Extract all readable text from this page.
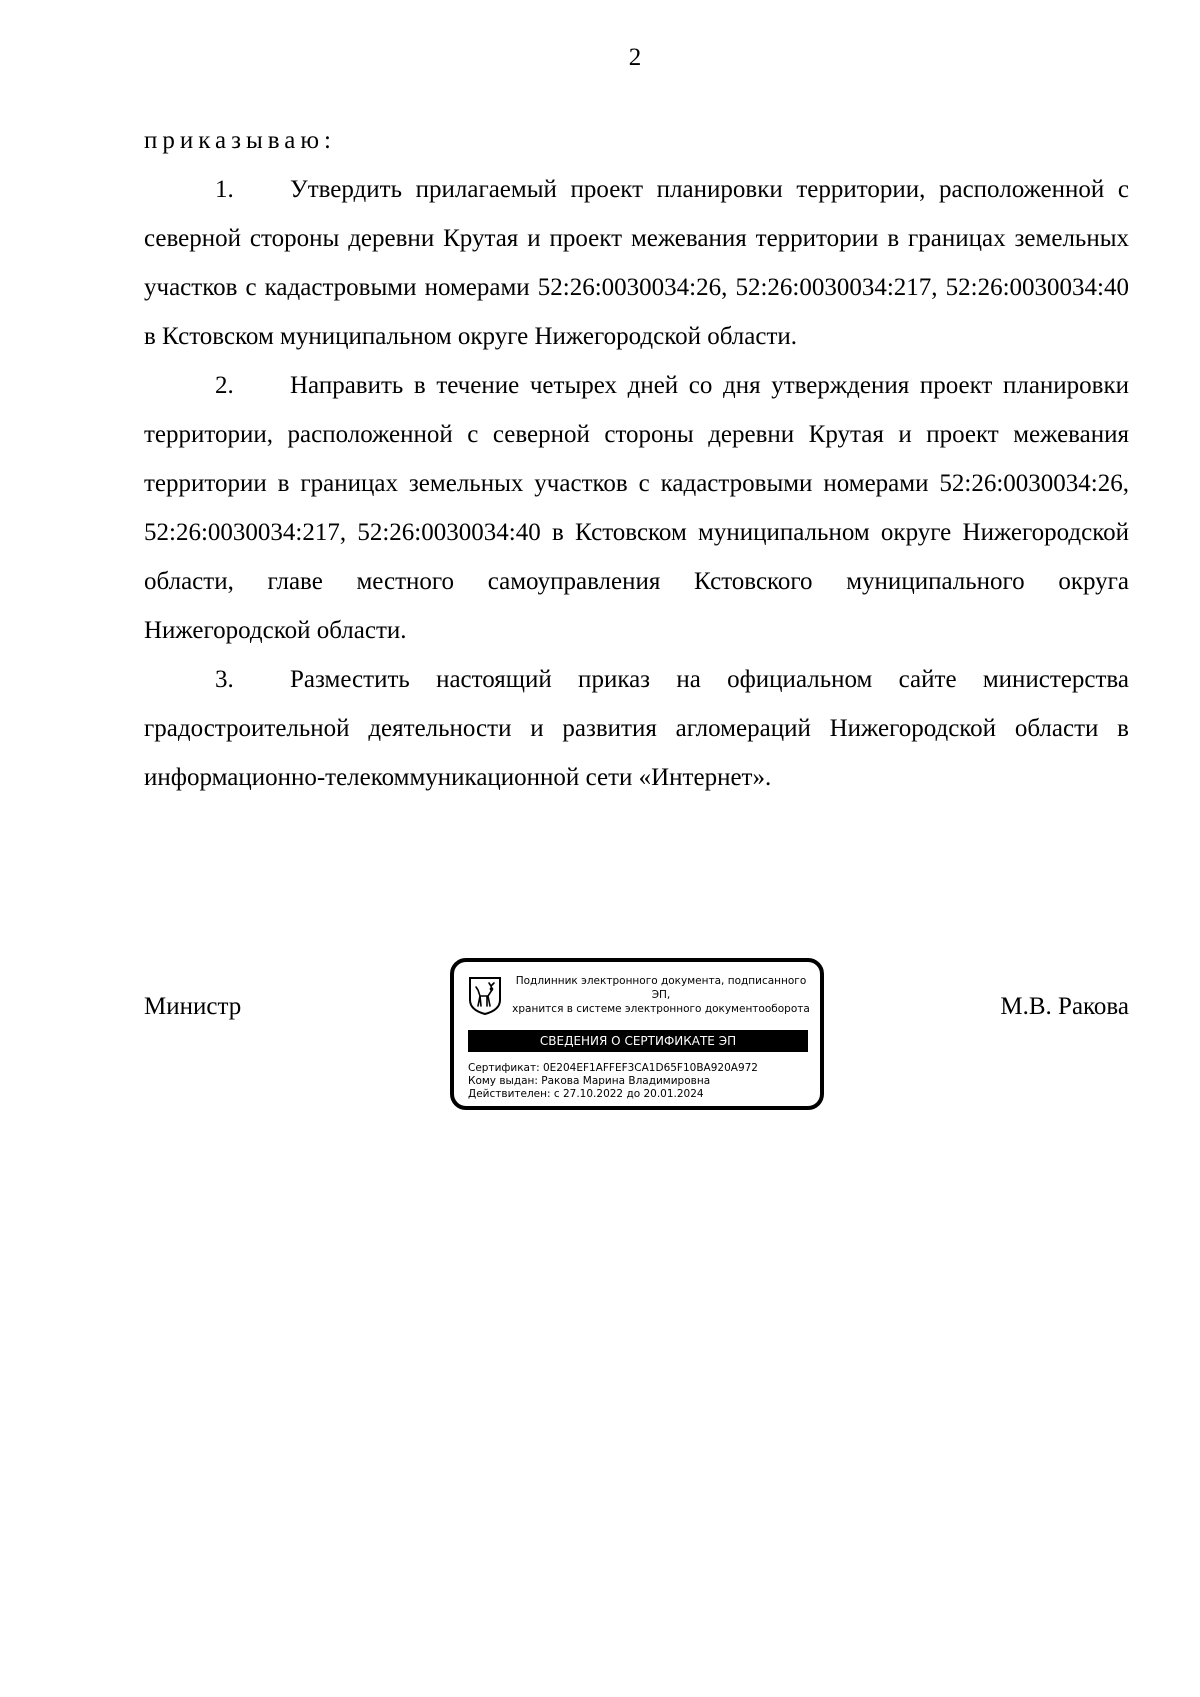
2

приказываю:

1. Утвердить прилагаемый проект планировки территории, расположенной с северной стороны деревни Крутая и проект межевания территории в границах земельных участков с кадастровыми номерами 52:26:0030034:26, 52:26:0030034:217, 52:26:0030034:40 в Кстовском муниципальном округе Нижегородской области.

2. Направить в течение четырех дней со дня утверждения проект планировки территории, расположенной с северной стороны деревни Крутая и проект межевания территории в границах земельных участков с кадастровыми номерами 52:26:0030034:26, 52:26:0030034:217, 52:26:0030034:40 в Кстовском муниципальном округе Нижегородской области, главе местного самоуправления Кстовского муниципального округа Нижегородской области.

3. Разместить настоящий приказ на официальном сайте министерства градостроительной деятельности и развития агломераций Нижегородской области в информационно-телекоммуникационной сети «Интернет».

Министр
Подлинник электронного документа, подписанного ЭП,
хранится в системе электронного документооборота
СВЕДЕНИЯ О СЕРТИФИКАТЕ ЭП
Сертификат: 0E204EF1AFFEF3CA1D65F10BA920A972
Кому выдан: Ракова Марина Владимировна
Действителен: с 27.10.2022 до 20.01.2024
М.В. Ракова
